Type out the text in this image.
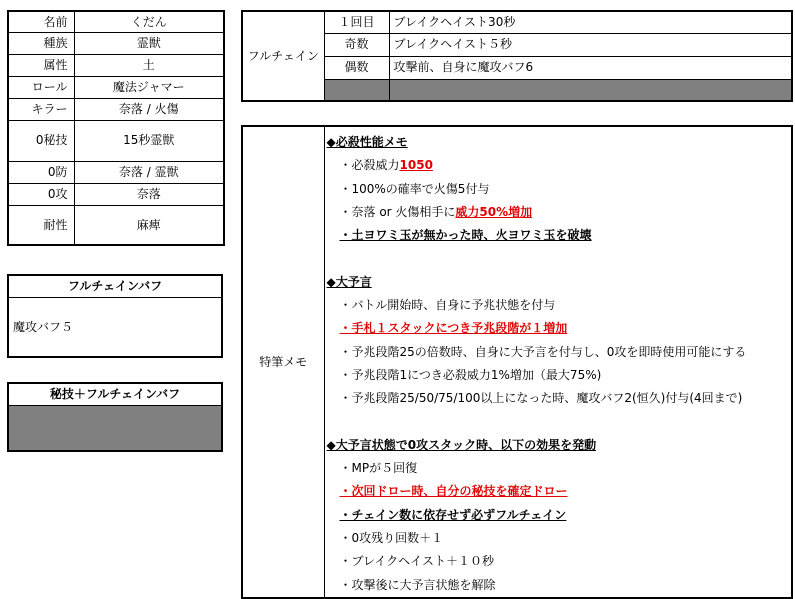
名前	くだん
種族	霊獣
属性	土
ロール	魔法ジャマー
キラー	奈落 / 火傷
0秘技	15秒霊獣
0防	奈落 / 霊獣
0攻	奈落
耐性	麻痺
フルチェインバフ
魔攻バフ５
秘技＋フルチェインバフ

フルチェイン	１回目	ブレイクヘイスト30秒
	奇数	ブレイクヘイスト５秒
	偶数	攻撃前、自身に魔攻バフ6

特筆メモ	
◆必殺性能メモ
・必殺威力1050
・100%の確率で火傷5付与
・奈落 or 火傷相手に威力50%増加
・土ヨワミ玉が無かった時、火ヨワミ玉を破壊
◆大予言
・バトル開始時、自身に予兆状態を付与
・手札１スタックにつき予兆段階が１増加
・予兆段階25の倍数時、自身に大予言を付与し、0攻を即時使用可能にする
・予兆段階1につき必殺威力1%増加（最大75%)
・予兆段階25/50/75/100以上になった時、魔攻バフ2(恒久)付与(4回まで)
◆大予言状態で0攻スタック時、以下の効果を発動
・MPが５回復
・次回ドロー時、自分の秘技を確定ドロー
・チェイン数に依存せず必ずフルチェイン
・0攻残り回数＋１
・ブレイクヘイスト＋１０秒
・攻撃後に大予言状態を解除
